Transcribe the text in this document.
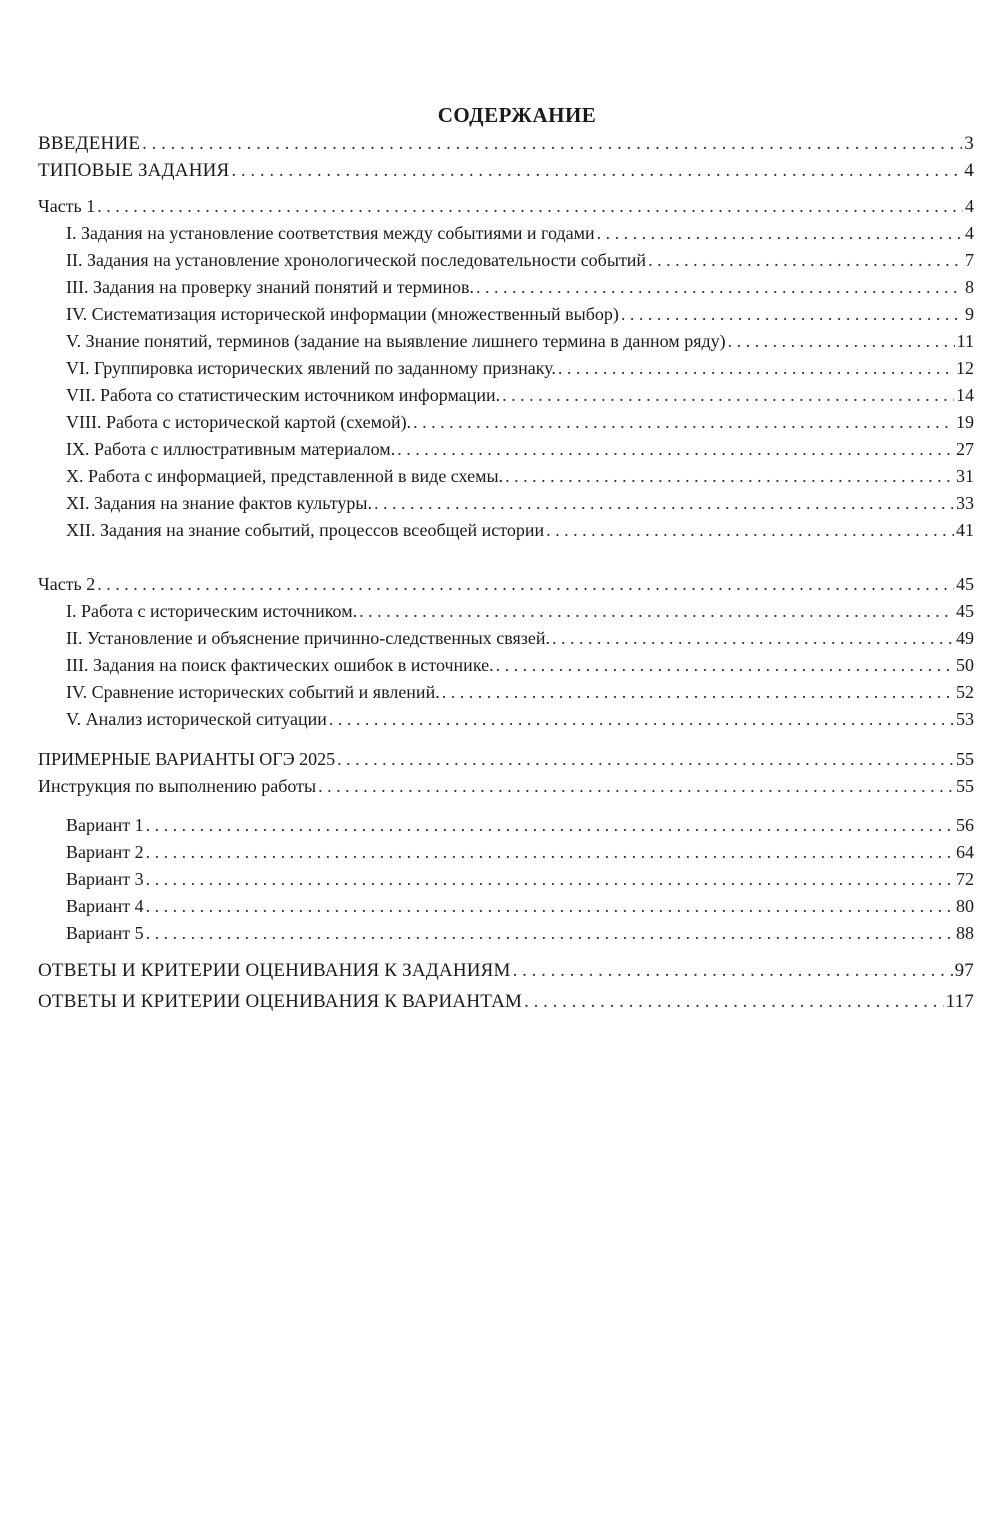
СОДЕРЖАНИЕ
ВВЕДЕНИЕ . . .	3
ТИПОВЫЕ ЗАДАНИЯ . . .	4
Часть 1 . . .	4
I. Задания на установление соответствия между событиями и годами . . .	4
II. Задания на установление хронологической последовательности событий . . .	7
III. Задания на проверку знаний понятий и терминов. . . .	8
IV. Систематизация исторической информации (множественный выбор) . . .	9
V. Знание понятий, терминов (задание на выявление лишнего термина в данном ряду) . . .	11
VI. Группировка исторических явлений по заданному признаку. . . .	12
VII. Работа со статистическим источником информации. . . .	14
VIII. Работа с исторической картой (схемой). . . .	19
IX. Работа с иллюстративным материалом. . . .	27
X. Работа с информацией, представленной в виде схемы. . . .	31
XI. Задания на знание фактов культуры. . . .	33
XII. Задания на знание событий, процессов всеобщей истории . . .	41
Часть 2 . . .	45
I. Работа с историческим источником. . . .	45
II. Установление и объяснение причинно-следственных связей. . . .	49
III. Задания на поиск фактических ошибок в источнике. . . .	50
IV. Сравнение исторических событий и явлений. . . .	52
V. Анализ исторической ситуации . . .	53
ПРИМЕРНЫЕ ВАРИАНТЫ ОГЭ 2025 . . .	55
Инструкция по выполнению работы . . .	55
Вариант 1 . . .	56
Вариант 2 . . .	64
Вариант 3 . . .	72
Вариант 4 . . .	80
Вариант 5 . . .	88
ОТВЕТЫ И КРИТЕРИИ ОЦЕНИВАНИЯ К ЗАДАНИЯМ . . .	97
ОТВЕТЫ И КРИТЕРИИ ОЦЕНИВАНИЯ К ВАРИАНТАМ . . .	117
